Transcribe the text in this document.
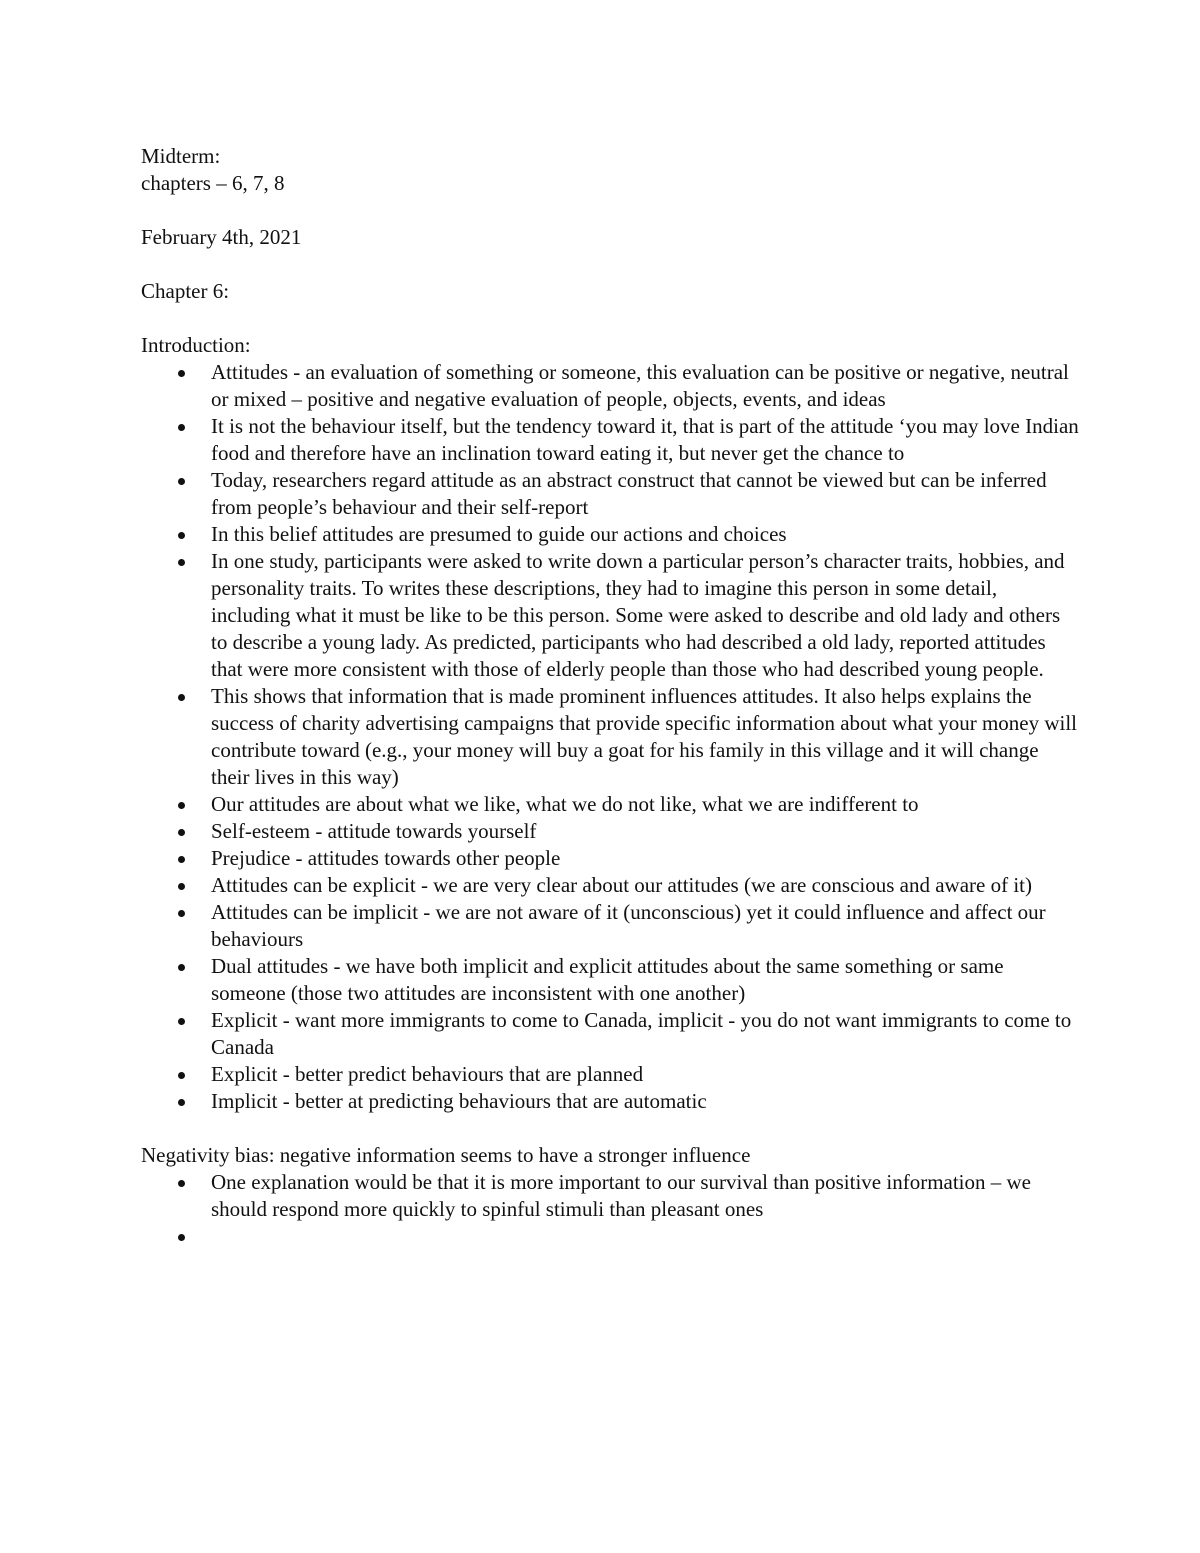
Midterm:

chapters – 6, 7, 8

February 4th, 2021

Chapter 6:

Introduction:

Attitudes - an evaluation of something or someone, this evaluation can be positive or negative, neutral or mixed – positive and negative evaluation of people, objects, events, and ideas
It is not the behaviour itself, but the tendency toward it, that is part of the attitude ‘you may love Indian food and therefore have an inclination toward eating it, but never get the chance to
Today, researchers regard attitude as an abstract construct that cannot be viewed but can be inferred from people’s behaviour and their self-report
In this belief attitudes are presumed to guide our actions and choices
In one study, participants were asked to write down a particular person’s character traits, hobbies, and personality traits. To writes these descriptions, they had to imagine this person in some detail, including what it must be like to be this person. Some were asked to describe and old lady and others to describe a young lady. As predicted, participants who had described a old lady, reported attitudes that were more consistent with those of elderly people than those who had described young people.
This shows that information that is made prominent influences attitudes. It also helps explains the success of charity advertising campaigns that provide specific information about what your money will contribute toward (e.g., your money will buy a goat for his family in this village and it will change their lives in this way)
Our attitudes are about what we like, what we do not like, what we are indifferent to
Self-esteem - attitude towards yourself
Prejudice - attitudes towards other people
Attitudes can be explicit - we are very clear about our attitudes (we are conscious and aware of it)
Attitudes can be implicit - we are not aware of it (unconscious) yet it could influence and affect our behaviours
Dual attitudes - we have both implicit and explicit attitudes about the same something or same someone (those two attitudes are inconsistent with one another)
Explicit - want more immigrants to come to Canada, implicit - you do not want immigrants to come to Canada
Explicit - better predict behaviours that are planned
Implicit - better at predicting behaviours that are automatic

Negativity bias: negative information seems to have a stronger influence

One explanation would be that it is more important to our survival than positive information – we should respond more quickly to spinful stimuli than pleasant ones
